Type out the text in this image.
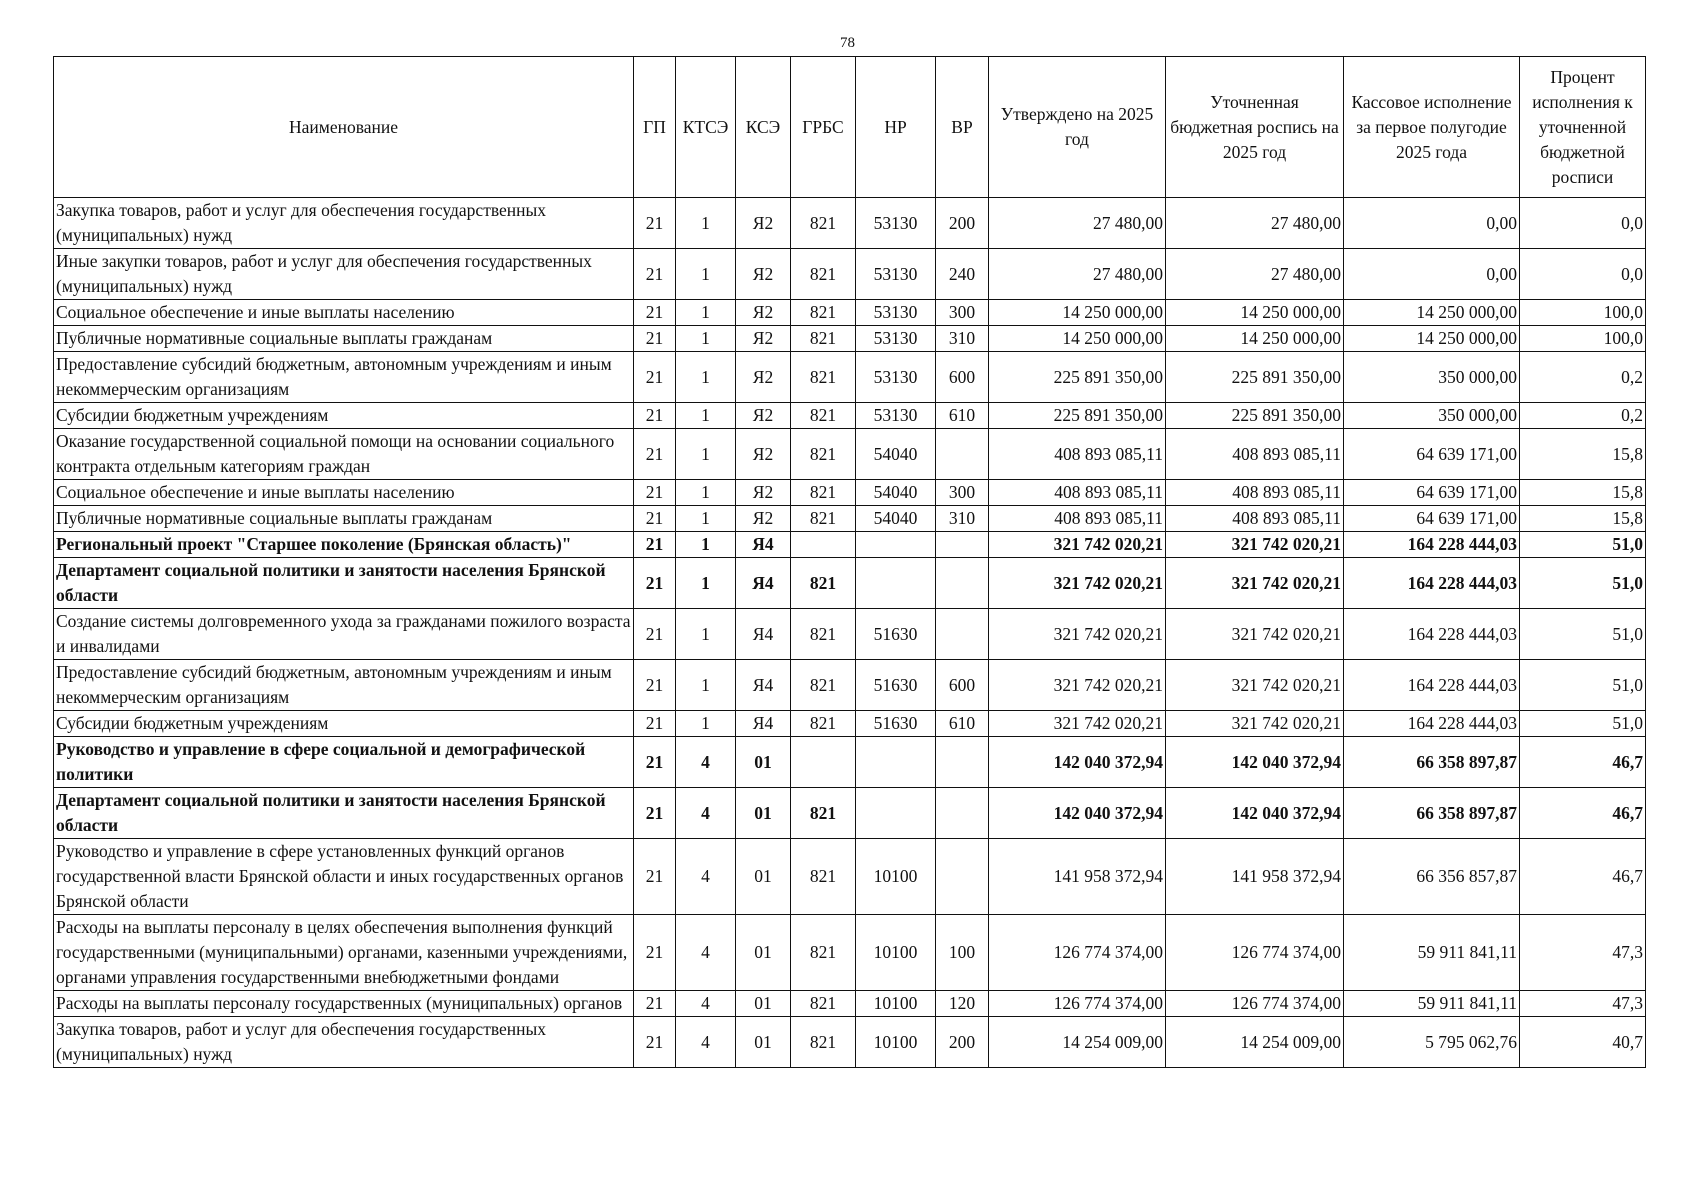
78
Наименование	ГП	КТСЭ	КСЭ	ГРБС	НР	ВР	Утверждено на 2025 год	Уточненная бюджетная роспись на 2025 год	Кассовое исполнение за первое полугодие 2025 года	Процент исполнения к уточненной бюджетной росписи
Закупка товаров, работ и услуг для обеспечения государственных (муниципальных) нужд	21	1	Я2	821	53130	200	27 480,00	27 480,00	0,00	0,0
Иные закупки товаров, работ и услуг для обеспечения государственных (муниципальных) нужд	21	1	Я2	821	53130	240	27 480,00	27 480,00	0,00	0,0
Социальное обеспечение и иные выплаты населению	21	1	Я2	821	53130	300	14 250 000,00	14 250 000,00	14 250 000,00	100,0
Публичные нормативные социальные выплаты гражданам	21	1	Я2	821	53130	310	14 250 000,00	14 250 000,00	14 250 000,00	100,0
Предоставление субсидий бюджетным, автономным учреждениям и иным некоммерческим организациям	21	1	Я2	821	53130	600	225 891 350,00	225 891 350,00	350 000,00	0,2
Субсидии бюджетным учреждениям	21	1	Я2	821	53130	610	225 891 350,00	225 891 350,00	350 000,00	0,2
Оказание государственной социальной помощи на основании социального контракта отдельным категориям граждан	21	1	Я2	821	54040		408 893 085,11	408 893 085,11	64 639 171,00	15,8
Социальное обеспечение и иные выплаты населению	21	1	Я2	821	54040	300	408 893 085,11	408 893 085,11	64 639 171,00	15,8
Публичные нормативные социальные выплаты гражданам	21	1	Я2	821	54040	310	408 893 085,11	408 893 085,11	64 639 171,00	15,8
Региональный проект "Старшее поколение (Брянская область)"	21	1	Я4				321 742 020,21	321 742 020,21	164 228 444,03	51,0
Департамент социальной политики и занятости населения Брянской области	21	1	Я4	821			321 742 020,21	321 742 020,21	164 228 444,03	51,0
Создание системы долговременного ухода за гражданами пожилого возраста и инвалидами	21	1	Я4	821	51630		321 742 020,21	321 742 020,21	164 228 444,03	51,0
Предоставление субсидий бюджетным, автономным учреждениям и иным некоммерческим организациям	21	1	Я4	821	51630	600	321 742 020,21	321 742 020,21	164 228 444,03	51,0
Субсидии бюджетным учреждениям	21	1	Я4	821	51630	610	321 742 020,21	321 742 020,21	164 228 444,03	51,0
Руководство и управление в сфере социальной и демографической политики	21	4	01				142 040 372,94	142 040 372,94	66 358 897,87	46,7
Департамент социальной политики и занятости населения Брянской области	21	4	01	821			142 040 372,94	142 040 372,94	66 358 897,87	46,7
Руководство и управление в сфере установленных функций органов государственной власти Брянской области и иных государственных органов Брянской области	21	4	01	821	10100		141 958 372,94	141 958 372,94	66 356 857,87	46,7
Расходы на выплаты персоналу в целях обеспечения выполнения функций государственными (муниципальными) органами, казенными учреждениями, органами управления государственными внебюджетными фондами	21	4	01	821	10100	100	126 774 374,00	126 774 374,00	59 911 841,11	47,3
Расходы на выплаты персоналу государственных (муниципальных) органов	21	4	01	821	10100	120	126 774 374,00	126 774 374,00	59 911 841,11	47,3
Закупка товаров, работ и услуг для обеспечения государственных (муниципальных) нужд	21	4	01	821	10100	200	14 254 009,00	14 254 009,00	5 795 062,76	40,7
